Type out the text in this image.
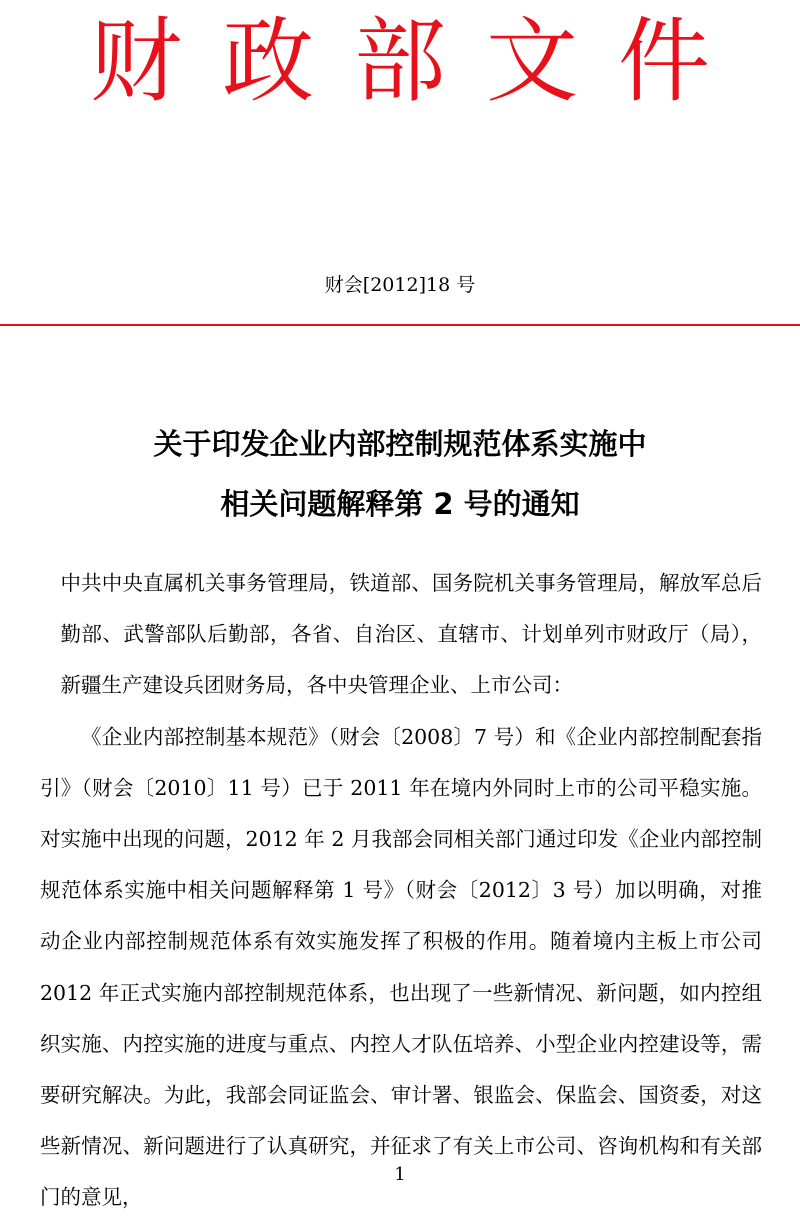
财政部文件
财会[2012]18 号
关于印发企业内部控制规范体系实施中
相关问题解释第 2 号的通知

中共中央直属机关事务管理局，铁道部、国务院机关事务管理局，解放军总后勤部、武警部队后勤部，各省、自治区、直辖市、计划单列市财政厅（局），新疆生产建设兵团财务局，各中央管理企业、上市公司：

《企业内部控制基本规范》（财会〔2008〕7 号）和《企业内部控制配套指引》（财会〔2010〕11 号）已于 2011 年在境内外同时上市的公司平稳实施。对实施中出现的问题，2012 年 2 月我部会同相关部门通过印发《企业内部控制规范体系实施中相关问题解释第 1 号》（财会〔2012〕3 号）加以明确，对推动企业内部控制规范体系有效实施发挥了积极的作用。随着境内主板上市公司 2012 年正式实施内部控制规范体系，也出现了一些新情况、新问题，如内控组织实施、内控实施的进度与重点、内控人才队伍培养、小型企业内控建设等，需要研究解决。为此，我部会同证监会、审计署、银监会、保监会、国资委，对这些新情况、新问题进行了认真研究，并征求了有关上市公司、咨询机构和有关部门的意见，

1
